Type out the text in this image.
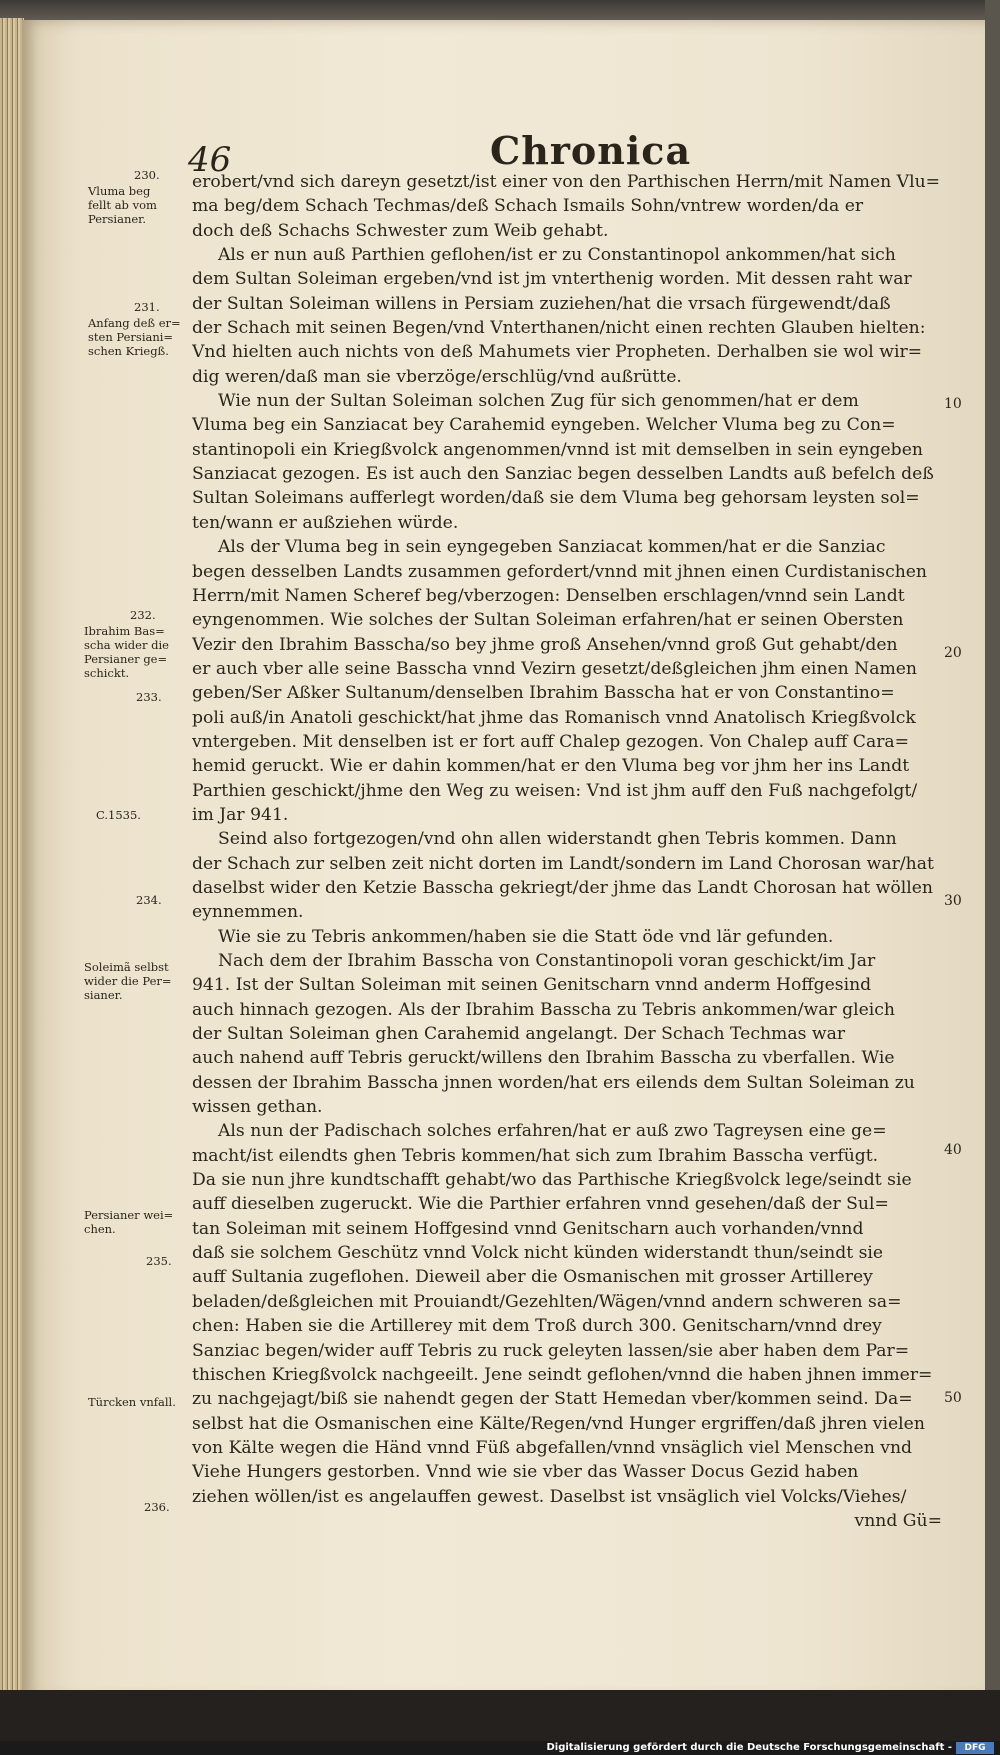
46	Chronica
erobert/vnd sich dareyn gesetzt/ist einer von den Parthischen Herrn/mit Namen Vlu=
ma beg/dem Schach Techmas/deß Schach Ismails Sohn/vntrew worden/da er
doch deß Schachs Schwester zum Weib gehabt.
Als er nun auß Parthien geflohen/ist er zu Constantinopol ankommen/hat sich
dem Sultan Soleiman ergeben/vnd ist jm vnterthenig worden. Mit dessen raht war
der Sultan Soleiman willens in Persiam zuziehen/hat die vrsach fürgewendt/daß
der Schach mit seinen Begen/vnd Vnterthanen/nicht einen rechten Glauben hielten:
Vnd hielten auch nichts von deß Mahumets vier Propheten. Derhalben sie wol wir=
dig weren/daß man sie vberzöge/erschlüg/vnd außrütte.
Wie nun der Sultan Soleiman solchen Zug für sich genommen/hat er dem
Vluma beg ein Sanziacat bey Carahemid eyngeben. Welcher Vluma beg zu Con=
stantinopoli ein Kriegßvolck angenommen/vnnd ist mit demselben in sein eyngeben
Sanziacat gezogen. Es ist auch den Sanziac begen desselben Landts auß befelch deß
Sultan Soleimans aufferlegt worden/daß sie dem Vluma beg gehorsam leysten sol=
ten/wann er außziehen würde.
Als der Vluma beg in sein eyngegeben Sanziacat kommen/hat er die Sanziac
begen desselben Landts zusammen gefordert/vnnd mit jhnen einen Curdistanischen
Herrn/mit Namen Scheref beg/vberzogen: Denselben erschlagen/vnnd sein Landt
eyngenommen. Wie solches der Sultan Soleiman erfahren/hat er seinen Obersten
Vezir den Ibrahim Basscha/so bey jhme groß Ansehen/vnnd groß Gut gehabt/den
er auch vber alle seine Basscha vnnd Vezirn gesetzt/deßgleichen jhm einen Namen
geben/Ser Aßker Sultanum/denselben Ibrahim Basscha hat er von Constantino=
poli auß/in Anatoli geschickt/hat jhme das Romanisch vnnd Anatolisch Kriegßvolck
vntergeben. Mit denselben ist er fort auff Chalep gezogen. Von Chalep auff Cara=
hemid geruckt. Wie er dahin kommen/hat er den Vluma beg vor jhm her ins Landt
Parthien geschickt/jhme den Weg zu weisen: Vnd ist jhm auff den Fuß nachgefolgt/
im Jar 941.
Seind also fortgezogen/vnd ohn allen widerstandt ghen Tebris kommen. Dann
der Schach zur selben zeit nicht dorten im Landt/sondern im Land Chorosan war/hat
daselbst wider den Ketzie Basscha gekriegt/der jhme das Landt Chorosan hat wöllen
eynnemmen.
Wie sie zu Tebris ankommen/haben sie die Statt öde vnd lär gefunden.
Nach dem der Ibrahim Basscha von Constantinopoli voran geschickt/im Jar
941. Ist der Sultan Soleiman mit seinen Genitscharn vnnd anderm Hoffgesind
auch hinnach gezogen. Als der Ibrahim Basscha zu Tebris ankommen/war gleich
der Sultan Soleiman ghen Carahemid angelangt. Der Schach Techmas war
auch nahend auff Tebris geruckt/willens den Ibrahim Basscha zu vberfallen. Wie
dessen der Ibrahim Basscha jnnen worden/hat ers eilends dem Sultan Soleiman zu
wissen gethan.
Als nun der Padischach solches erfahren/hat er auß zwo Tagreysen eine ge=
macht/ist eilendts ghen Tebris kommen/hat sich zum Ibrahim Basscha verfügt.
Da sie nun jhre kundtschafft gehabt/wo das Parthische Kriegßvolck lege/seindt sie
auff dieselben zugeruckt. Wie die Parthier erfahren vnnd gesehen/daß der Sul=
tan Soleiman mit seinem Hoffgesind vnnd Genitscharn auch vorhanden/vnnd
daß sie solchem Geschütz vnnd Volck nicht künden widerstandt thun/seindt sie
auff Sultania zugeflohen. Dieweil aber die Osmanischen mit grosser Artillerey
beladen/deßgleichen mit Prouiandt/Gezehlten/Wägen/vnnd andern schweren sa=
chen: Haben sie die Artillerey mit dem Troß durch 300. Genitscharn/vnnd drey
Sanziac begen/wider auff Tebris zu ruck geleyten lassen/sie aber haben dem Par=
thischen Kriegßvolck nachgeeilt. Jene seindt geflohen/vnnd die haben jhnen immer=
zu nachgejagt/biß sie nahendt gegen der Statt Hemedan vber/kommen seind. Da=
selbst hat die Osmanischen eine Kälte/Regen/vnd Hunger ergriffen/daß jhren vielen
von Kälte wegen die Händ vnnd Füß abgefallen/vnnd vnsäglich viel Menschen vnd
Viehe Hungers gestorben. Vnnd wie sie vber das Wasser Docus Gezid haben
ziehen wöllen/ist es angelauffen gewest. Daselbst ist vnsäglich viel Volcks/Viehes/
vnnd Gü=
230.
Vluma beg
fellt ab vom
Persianer.
231.
Anfang deß er=
sten Persiani=
schen Kriegß.
232.
Ibrahim Bas=
scha wider die
Persianer ge=
schickt.
233.
C.1535.
234.
Soleimã selbst
wider die Per=
sianer.
Persianer wei=
chen.
235.
Türcken vnfall.
236.
10
20
30
40
50
Digitalisierung gefördert durch die Deutsche Forschungsgemeinschaft -	DFG
